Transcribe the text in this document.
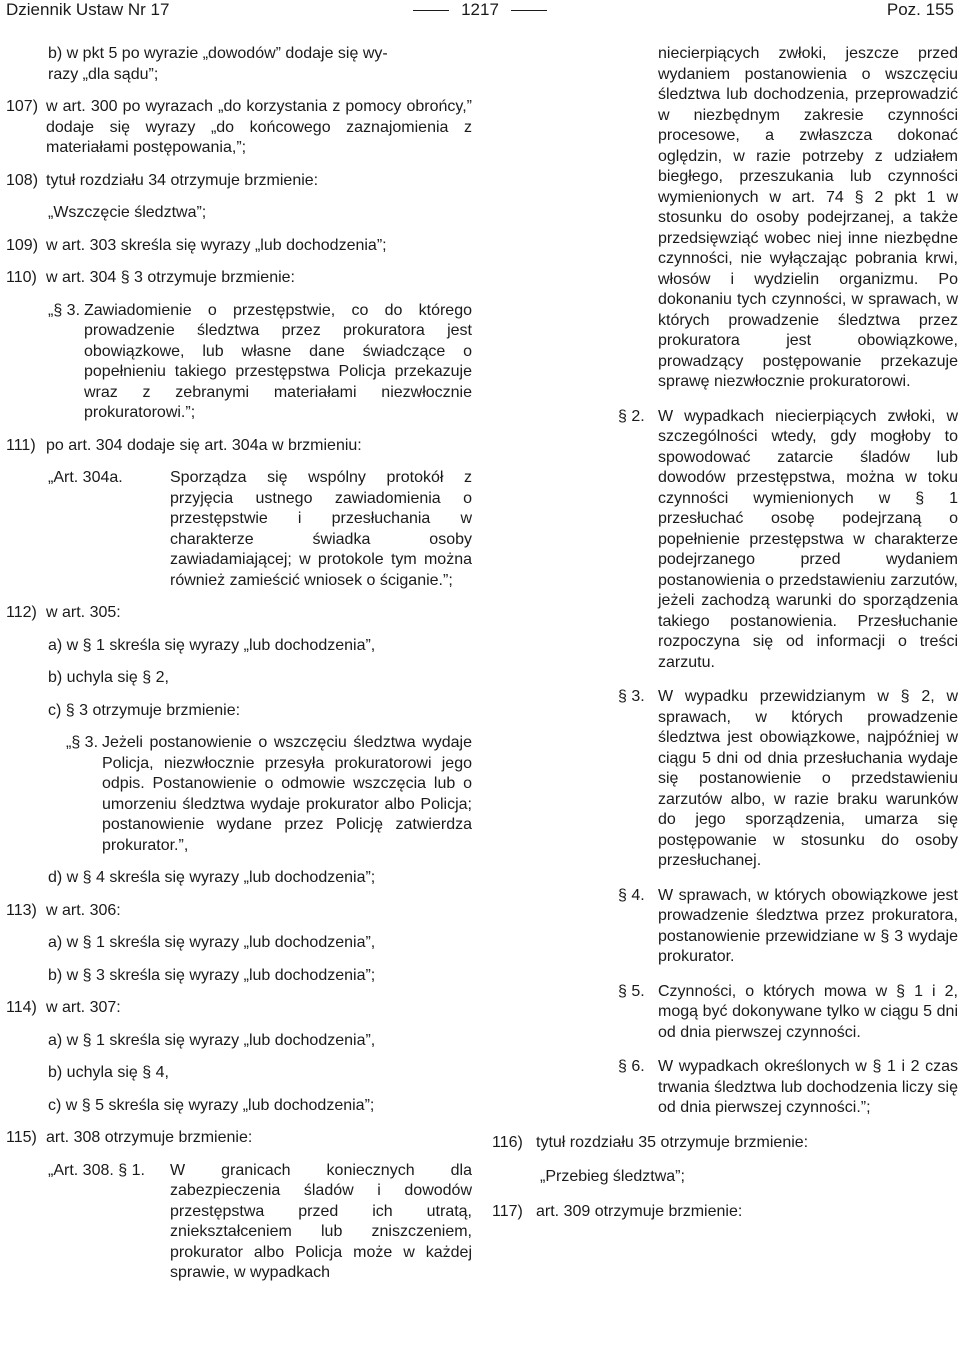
Dziennik Ustaw Nr 17	1217	Poz. 155

b) w pkt 5 po wyrazie „dowodów” dodaje się wy-

razy „dla sądu”;

107) w art. 300 po wyrazach „do korzystania z pomocy obrońcy,” dodaje się wyrazy „do końcowego zaznajomienia z materiałami postępowania,”;

108) tytuł rozdziału 34 otrzymuje brzmienie:

„Wszczęcie śledztwa”;

109) w art. 303 skreśla się wyrazy „lub dochodzenia”;

110) w art. 304 § 3 otrzymuje brzmienie:

„§ 3. Zawiadomienie o przestępstwie, co do którego prowadzenie śledztwa przez prokuratora jest obowiązkowe, lub własne dane świadczące o popełnieniu takiego przestępstwa Policja przekazuje wraz z zebranymi materiałami niezwłocznie prokuratorowi.”;

111) po art. 304 dodaje się art. 304a w brzmieniu:

„Art. 304a.	Sporządza się wspólny protokół z przyjęcia ustnego zawiadomienia o przestępstwie i przesłuchania w charakterze świadka osoby zawiadamiającej; w protokole tym można również zamieścić wniosek o ściganie.”;

112) w art. 305:

a) w § 1 skreśla się wyrazy „lub dochodzenia”,

b) uchyla się § 2,

c) § 3 otrzymuje brzmienie:

„§ 3. Jeżeli postanowienie o wszczęciu śledztwa wydaje Policja, niezwłocznie przesyła prokuratorowi jego odpis. Postanowienie o odmowie wszczęcia lub o umorzeniu śledztwa wydaje prokurator albo Policja; postanowienie wydane przez Policję zatwierdza prokurator.”,

d) w § 4 skreśla się wyrazy „lub dochodzenia”;

113) w art. 306:

a) w § 1 skreśla się wyrazy „lub dochodzenia”,

b) w § 3 skreśla się wyrazy „lub dochodzenia”;

114) w art. 307:

a) w § 1 skreśla się wyrazy „lub dochodzenia”,

b) uchyla się § 4,

c) w § 5 skreśla się wyrazy „lub dochodzenia”;

115) art. 308 otrzymuje brzmienie:

„Art. 308. § 1. W granicach koniecznych dla zabezpieczenia śladów i dowodów przestępstwa przed ich utratą, zniekształceniem lub zniszczeniem, prokurator albo Policja może w każdej sprawie, w wypadkach

niecierpiących zwłoki, jeszcze przed wydaniem postanowienia o wszczęciu śledztwa lub dochodzenia, przeprowadzić w niezbędnym zakresie czynności procesowe, a zwłaszcza dokonać oględzin, w razie potrzeby z udziałem biegłego, przeszukania lub czynności wymienionych w art. 74 § 2 pkt 1 w stosunku do osoby podejrzanej, a także przedsięwziąć wobec niej inne niezbędne czynności, nie wyłączając pobrania krwi, włosów i wydzielin organizmu. Po dokonaniu tych czynności, w sprawach, w których prowadzenie śledztwa przez prokuratora jest obowiązkowe, prowadzący postępowanie przekazuje sprawę niezwłocznie prokuratorowi.

§ 2. W wypadkach niecierpiących zwłoki, w szczególności wtedy, gdy mogłoby to spowodować zatarcie śladów lub dowodów przestępstwa, można w toku czynności wymienionych w § 1 przesłuchać osobę podejrzaną o popełnienie przestępstwa w charakterze podejrzanego przed wydaniem postanowienia o przedstawieniu zarzutów, jeżeli zachodzą warunki do sporządzenia takiego postanowienia. Przesłuchanie rozpoczyna się od informacji o treści zarzutu.

§ 3. W wypadku przewidzianym w § 2, w sprawach, w których prowadzenie śledztwa jest obowiązkowe, najpóźniej w ciągu 5 dni od dnia przesłuchania wydaje się postanowienie o przedstawieniu zarzutów albo, w razie braku warunków do jego sporządzenia, umarza się postępowanie w stosunku do osoby przesłuchanej.

§ 4. W sprawach, w których obowiązkowe jest prowadzenie śledztwa przez prokuratora, postanowienie przewidziane w § 3 wydaje prokurator.

§ 5. Czynności, o których mowa w § 1 i 2, mogą być dokonywane tylko w ciągu 5 dni od dnia pierwszej czynności.

§ 6. W wypadkach określonych w § 1 i 2 czas trwania śledztwa lub dochodzenia liczy się od dnia pierwszej czynności.”;

116) tytuł rozdziału 35 otrzymuje brzmienie:

„Przebieg śledztwa”;

117) art. 309 otrzymuje brzmienie:
